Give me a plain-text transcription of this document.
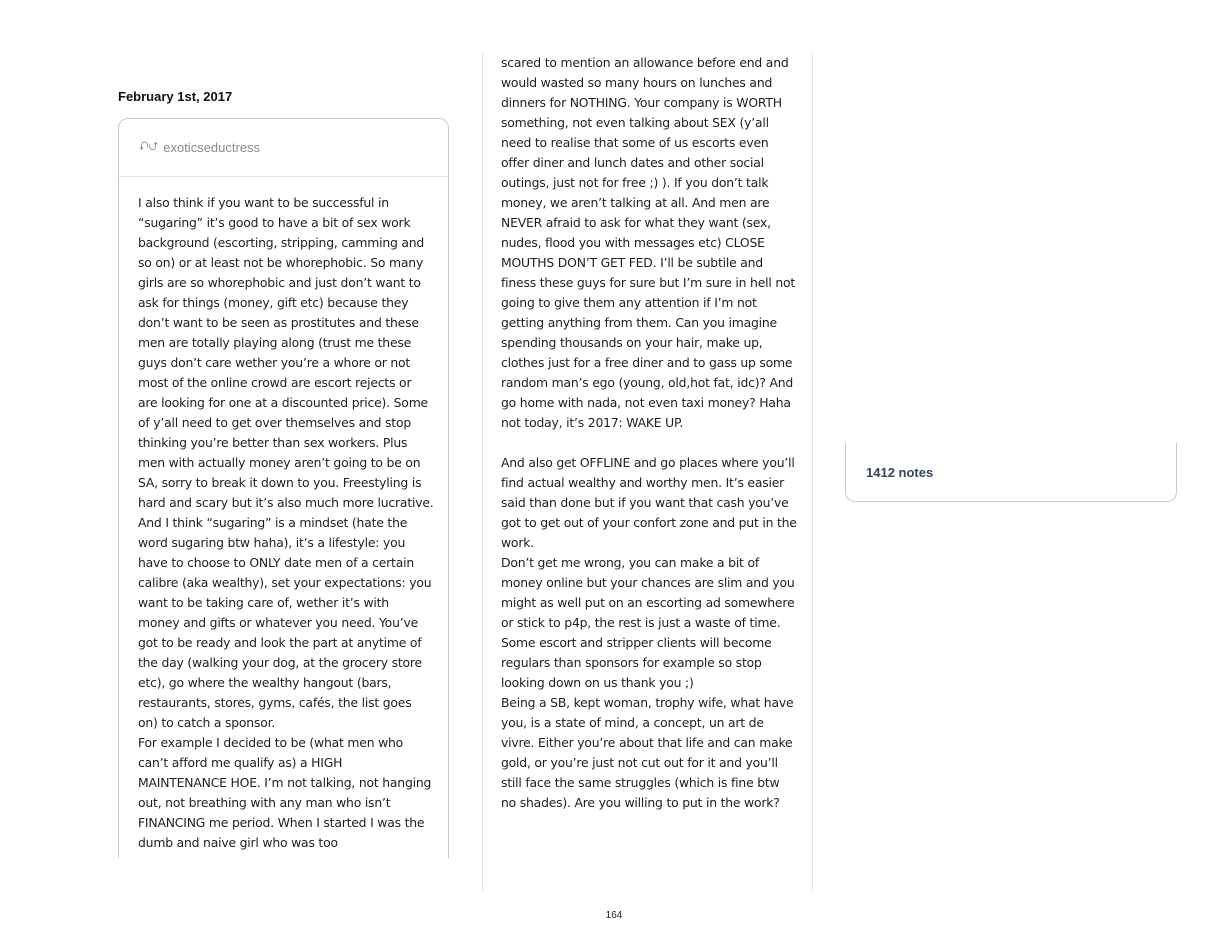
February 1st, 2017
⮏⮍ exoticseductress

I also think if you want to be successful in “sugaring” it’s good to have a bit of sex work background (escorting, stripping, camming and so on) or at least not be whorephobic. So many girls are so whorephobic and just don’t want to ask for things (money, gift etc) because they don’t want to be seen as prostitutes and these men are totally playing along (trust me these guys don’t care wether you’re a whore or not most of the online crowd are escort rejects or are looking for one at a discounted price). Some of y’all need to get over themselves and stop thinking you’re better than sex workers. Plus men with actually money aren’t going to be on SA, sorry to break it down to you. Freestyling is hard and scary but it’s also much more lucrative. And I think “sugaring” is a mindset (hate the word sugaring btw haha), it’s a lifestyle: you have to choose to ONLY date men of a certain calibre (aka wealthy), set your expectations: you want to be taking care of, wether it’s with money and gifts or whatever you need. You’ve got to be ready and look the part at anytime of the day (walking your dog, at the grocery store etc), go where the wealthy hangout (bars, restaurants, stores, gyms, cafés, the list goes on) to catch a sponsor.

For example I decided to be (what men who can’t afford me qualify as) a HIGH MAINTENANCE HOE. I’m not talking, not hanging out, not breathing with any man who isn’t FINANCING me period. When I started I was the dumb and naive girl who was too

scared to mention an allowance before end and would wasted so many hours on lunches and dinners for NOTHING. Your company is WORTH something, not even talking about SEX (y’all need to realise that some of us escorts even offer diner and lunch dates and other social outings, just not for free ;) ). If you don’t talk money, we aren’t talking at all. And men are NEVER afraid to ask for what they want (sex, nudes, flood you with messages etc) CLOSE MOUTHS DON’T GET FED. I’ll be subtile and finess these guys for sure but I’m sure in hell not going to give them any attention if I’m not getting anything from them. Can you imagine spending thousands on your hair, make up, clothes just for a free diner and to gass up some random man’s ego (young, old,hot fat, idc)? And go home with nada, not even taxi money? Haha not today, it’s 2017: WAKE UP.

And also get OFFLINE and go places where you’ll find actual wealthy and worthy men. It’s easier said than done but if you want that cash you’ve got to get out of your confort zone and put in the work.

Don’t get me wrong, you can make a bit of money online but your chances are slim and you might as well put on an escorting ad somewhere or stick to p4p, the rest is just a waste of time. Some escort and stripper clients will become regulars than sponsors for example so stop looking down on us thank you ;)

Being a SB, kept woman, trophy wife, what have you, is a state of mind, a concept, un art de vivre. Either you’re about that life and can make gold, or you’re just not cut out for it and you’ll still face the same struggles (which is fine btw no shades). Are you willing to put in the work?

1412 notes
164
